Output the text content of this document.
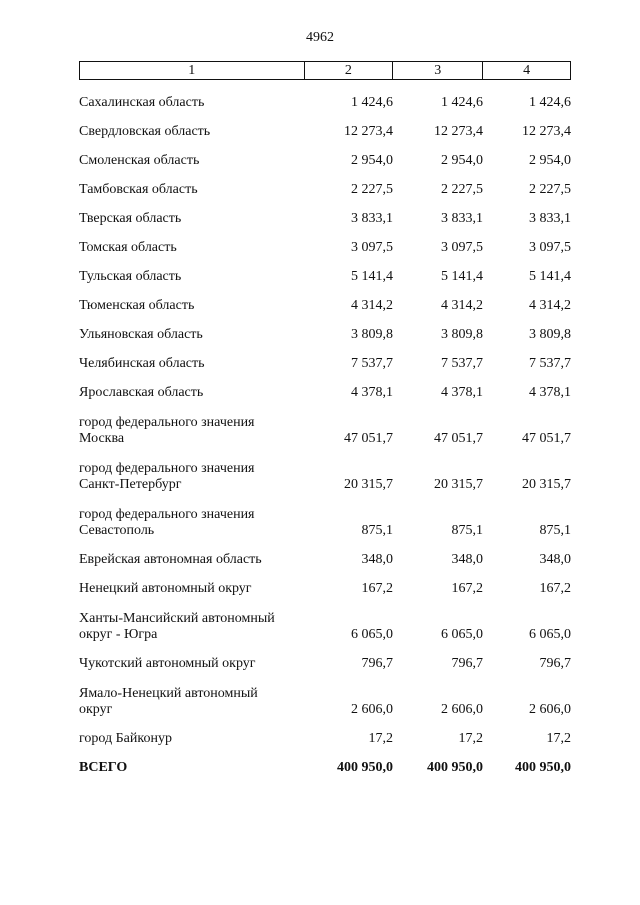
4962
1	2	3	4
Сахалинская область	1 424,6	1 424,6	1 424,6
Свердловская область	12 273,4	12 273,4	12 273,4
Смоленская область	2 954,0	2 954,0	2 954,0
Тамбовская область	2 227,5	2 227,5	2 227,5
Тверская область	3 833,1	3 833,1	3 833,1
Томская область	3 097,5	3 097,5	3 097,5
Тульская область	5 141,4	5 141,4	5 141,4
Тюменская область	4 314,2	4 314,2	4 314,2
Ульяновская область	3 809,8	3 809,8	3 809,8
Челябинская область	7 537,7	7 537,7	7 537,7
Ярославская область	4 378,1	4 378,1	4 378,1
город федерального значения
Москва	47 051,7	47 051,7	47 051,7
город федерального значения
Санкт-Петербург	20 315,7	20 315,7	20 315,7
город федерального значения
Севастополь	875,1	875,1	875,1
Еврейская автономная область	348,0	348,0	348,0
Ненецкий автономный округ	167,2	167,2	167,2
Ханты-Мансийский автономный
округ - Югра	6 065,0	6 065,0	6 065,0
Чукотский автономный округ	796,7	796,7	796,7
Ямало-Ненецкий автономный
округ	2 606,0	2 606,0	2 606,0
город Байконур	17,2	17,2	17,2
ВСЕГО	400 950,0	400 950,0	400 950,0
